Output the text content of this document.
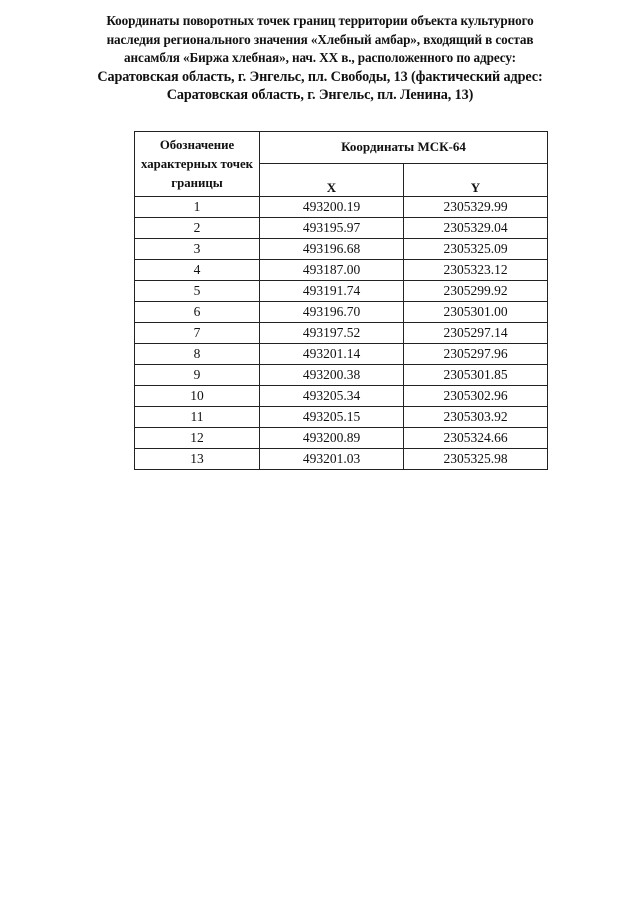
Координаты поворотных точек границ территории объекта культурного
наследия регионального значения «Хлебный амбар», входящий в состав
ансамбля «Биржа хлебная», нач. XX в., расположенного по адресу:
Саратовская область, г. Энгельс, пл. Свободы, 13 (фактический адрес:
Саратовская область, г. Энгельс, пл. Ленина, 13)
Обозначение характерных точек границы	Координаты МСК-64	
	X	Y
1	493200.19	2305329.99
2	493195.97	2305329.04
3	493196.68	2305325.09
4	493187.00	2305323.12
5	493191.74	2305299.92
6	493196.70	2305301.00
7	493197.52	2305297.14
8	493201.14	2305297.96
9	493200.38	2305301.85
10	493205.34	2305302.96
11	493205.15	2305303.92
12	493200.89	2305324.66
13	493201.03	2305325.98
